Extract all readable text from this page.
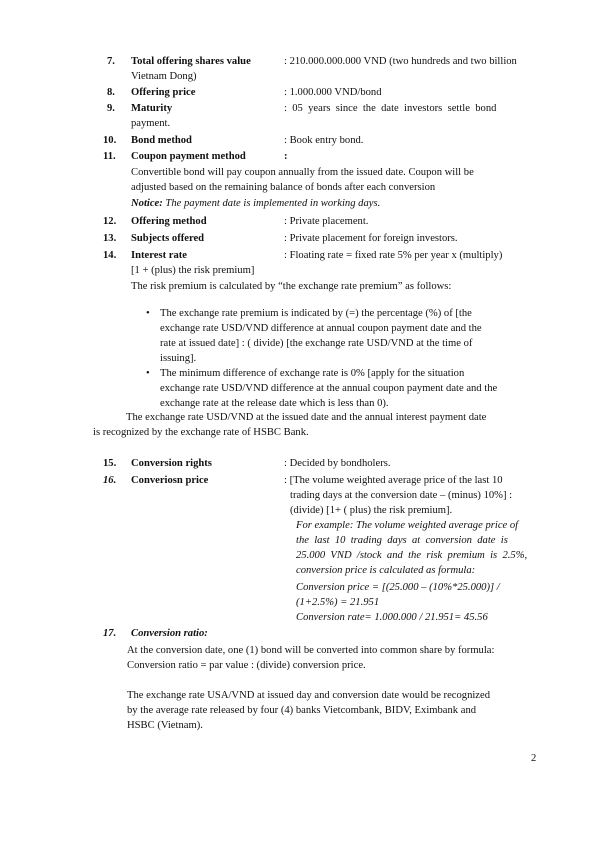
7. Total offering shares value	: 210.000.000.000 VND (two hundreds and two billion
Vietnam Dong)
8. Offering price	: 1.000.000 VND/bond
9. Maturity	:  05  years  since  the  date  investors  settle  bond
payment.
10. Bond method	: Book entry bond.
11. Coupon payment method	:
Convertible bond will pay coupon annually from the issued date. Coupon will be
adjusted based on the remaining balance of bonds after each conversion
Notice: The payment date is implemented in working days.
12. Offering method	: Private placement.
13. Subjects offered	: Private placement for foreign investors.
14. Interest rate	: Floating rate = fixed rate 5% per year x (multiply)
[1 + (plus) the risk premium]
The risk premium is calculated by “the exchange rate premium” as follows:
• The exchange rate premium is indicated by (=) the percentage (%) of [the
exchange rate USD/VND difference at annual coupon payment date and the
rate at issued date] : ( divide) [the exchange rate USD/VND at the time of
issuing].
• The minimum difference of exchange rate is 0% [apply for the situation
exchange rate USD/VND difference at the annual coupon payment date and the
exchange rate at the release date which is less than 0).
The exchange rate USD/VND at the issued date and the annual interest payment date
is recognized by the exchange rate of HSBC Bank.
15. Conversion rights	: Decided by bondholers.
16. Converiosn price	: [The volume weighted average price of the last 10
trading days at the conversion date – (minus) 10%] :
(divide) [1+ ( plus) the risk premium].
For example: The volume weighted average price of
the  last  10  trading  days  at  conversion  date  is
25.000  VND  /stock  and  the  risk  premium  is  2.5%,
conversion price is calculated as formula:
Conversion price = [(25.000 – (10%*25.000)] /
(1+2.5%) = 21.951
Conversion rate= 1.000.000 / 21.951= 45.56
17. Conversion ratio:
At the conversion date, one (1) bond will be converted into common share by formula:
Conversion ratio = par value : (divide) conversion price.
The exchange rate USA/VND at issued day and conversion date would be recognized
by the average rate released by four (4) banks Vietcombank, BIDV, Eximbank and
HSBC (Vietnam).
2
